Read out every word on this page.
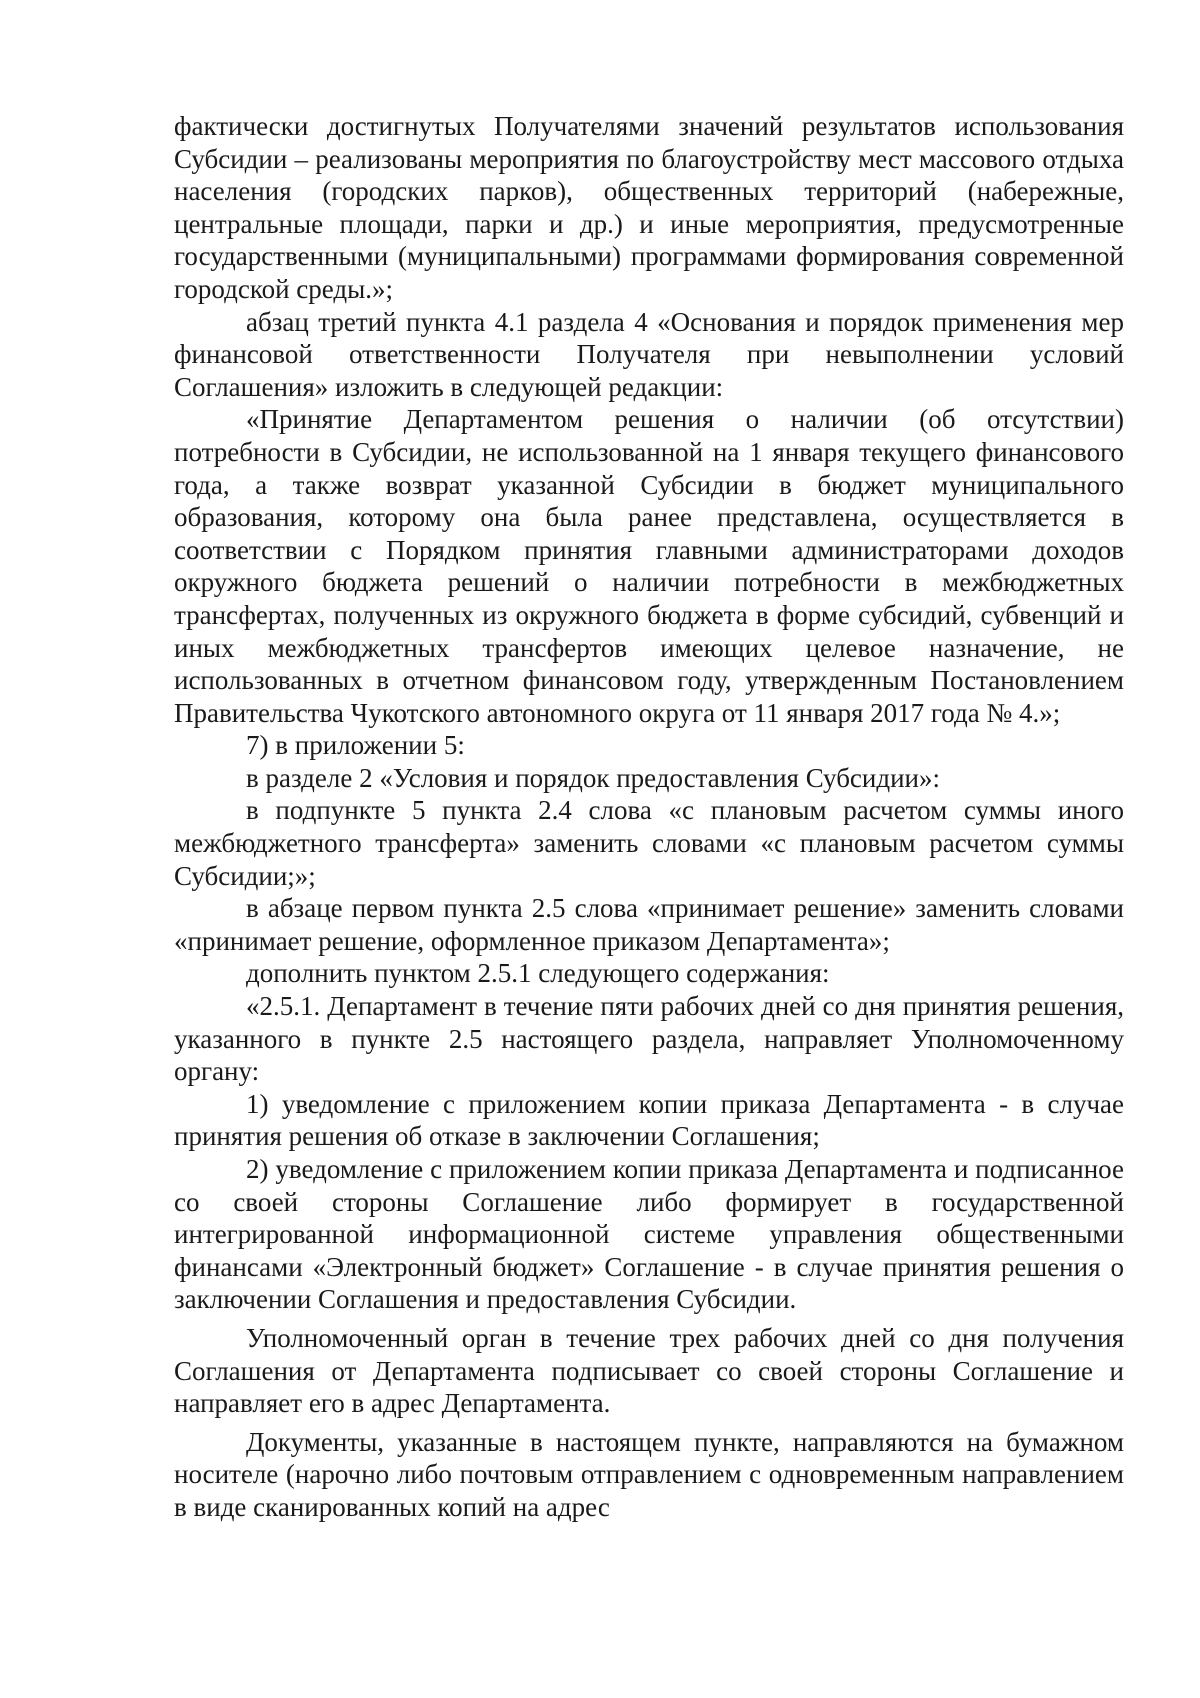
фактически достигнутых Получателями значений результатов использования Субсидии – реализованы мероприятия по благоустройству мест массового отдыха населения (городских парков), общественных территорий (набережные, центральные площади, парки и др.) и иные мероприятия, предусмотренные государственными (муниципальными) программами формирования современной городской среды.»;

абзац третий пункта 4.1 раздела 4 «Основания и порядок применения мер финансовой ответственности Получателя при невыполнении условий Соглашения» изложить в следующей редакции:

«Принятие Департаментом решения о наличии (об отсутствии) потребности в Субсидии, не использованной на 1 января текущего финансового года, а также возврат указанной Субсидии в бюджет муниципального образования, которому она была ранее представлена, осуществляется в соответствии с Порядком принятия главными администраторами доходов окружного бюджета решений о наличии потребности в межбюджетных трансфертах, полученных из окружного бюджета в форме субсидий, субвенций и иных межбюджетных трансфертов имеющих целевое назначение, не использованных в отчетном финансовом году, утвержденным Постановлением Правительства Чукотского автономного округа от 11 января 2017 года № 4.»;

7) в приложении 5:

в разделе 2 «Условия и порядок предоставления Субсидии»:

в подпункте 5 пункта 2.4 слова «с плановым расчетом суммы иного межбюджетного трансферта» заменить словами «с плановым расчетом суммы Субсидии;»;

в абзаце первом пункта 2.5 слова «принимает решение» заменить словами «принимает решение, оформленное приказом Департамента»;

дополнить пунктом 2.5.1 следующего содержания:

«2.5.1. Департамент в течение пяти рабочих дней со дня принятия решения, указанного в пункте 2.5 настоящего раздела, направляет Уполномоченному органу:

1) уведомление с приложением копии приказа Департамента - в случае принятия решения об отказе в заключении Соглашения;

2) уведомление с приложением копии приказа Департамента и подписанное со своей стороны Соглашение либо формирует в государственной интегрированной информационной системе управления общественными финансами «Электронный бюджет» Соглашение - в случае принятия решения о заключении Соглашения и предоставления Субсидии.

Уполномоченный орган в течение трех рабочих дней со дня получения Соглашения от Департамента подписывает со своей стороны Соглашение и направляет его в адрес Департамента.

Документы, указанные в настоящем пункте, направляются на бумажном носителе (нарочно либо почтовым отправлением с одновременным направлением в виде сканированных копий на адрес
